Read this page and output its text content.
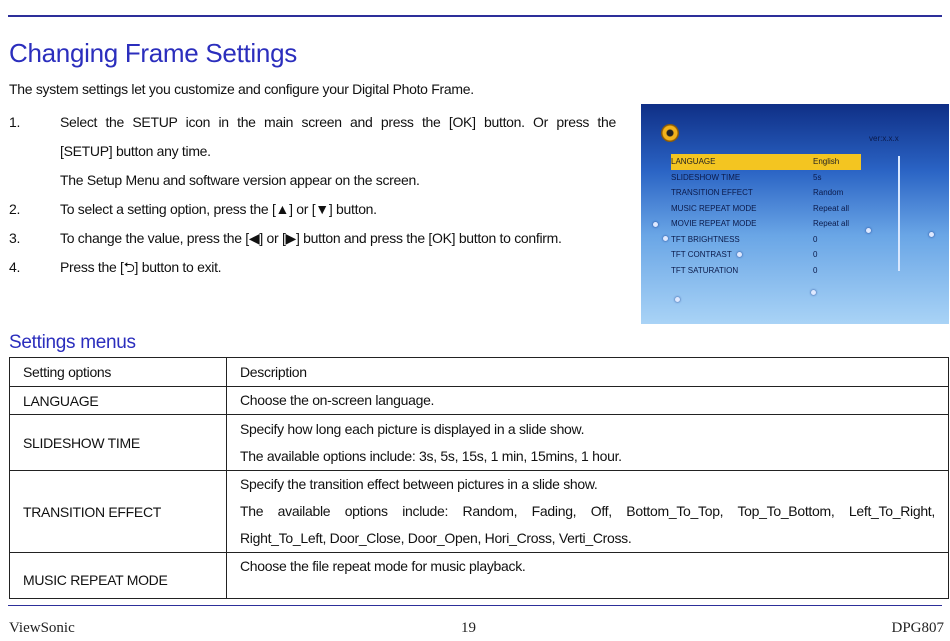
Changing Frame Settings
The system settings let you customize and configure your Digital Photo Frame.
1.	Select the SETUP icon in the main screen and press the [OK] button. Or press the
[SETUP] button any time.
The Setup Menu and software version appear on the screen.
2.	To select a setting option, press the [▲] or [▼] button.
3.	To change the value, press the [◀] or [▶] button and press the [OK] button to confirm.
4.	Press the [⮌] button to exit.
ver:x.x.x
LANGUAGE	English
SLIDESHOW TIME	5s
TRANSITION EFFECT	Random
MUSIC REPEAT MODE	Repeat all
MOVIE REPEAT MODE	Repeat all
TFT BRIGHTNESS	0
TFT CONTRAST	0
TFT SATURATION	0
Settings menus
Setting options	Description
LANGUAGE	Choose the on-screen language.

SLIDESHOW TIME	Specify how long each picture is displayed in a slide show.

The available options include: 3s, 5s, 15s, 1 min, 15mins, 1 hour.

TRANSITION EFFECT	Specify the transition effect between pictures in a slide show.

The available options include: Random, Fading, Off, Bottom_To_Top, Top_To_Bottom, Left_To_Right,

Right_To_Left, Door_Close, Door_Open, Hori_Cross, Verti_Cross.

MUSIC REPEAT MODE	Choose the file repeat mode for music playback.

ViewSonic	19	DPG807
